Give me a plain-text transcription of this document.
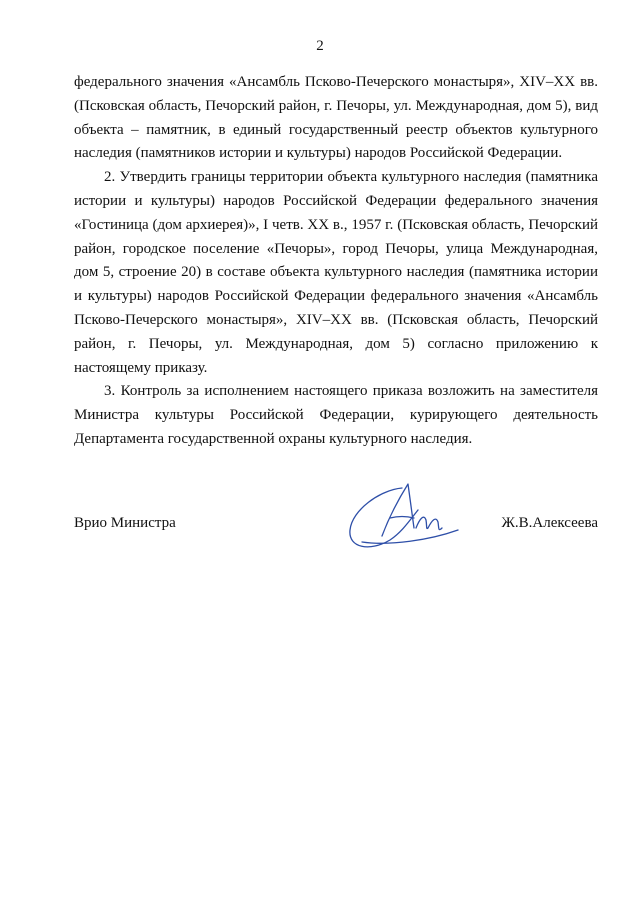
2

федерального значения «Ансамбль Псково-Печерского монастыря», XIV–XX вв. (Псковская область, Печорский район, г. Печоры, ул. Международная, дом 5), вид объекта – памятник, в единый государственный реестр объектов культурного наследия (памятников истории и культуры) народов Российской Федерации.

2. Утвердить границы территории объекта культурного наследия (памятника истории и культуры) народов Российской Федерации федерального значения «Гостиница (дом архиерея)», I четв. XX в., 1957 г. (Псковская область, Печорский район, городское поселение «Печоры», город Печоры, улица Международная, дом 5, строение 20) в составе объекта культурного наследия (памятника истории и культуры) народов Российской Федерации федерального значения «Ансамбль Псково-Печерского монастыря», XIV–XX вв. (Псковская область, Печорский район, г. Печоры, ул. Международная, дом 5) согласно приложению к настоящему приказу.

3. Контроль за исполнением настоящего приказа возложить на заместителя Министра культуры Российской Федерации, курирующего деятельность Департамента государственной охраны культурного наследия.

Врио Министра	Ж.В.Алексеева
